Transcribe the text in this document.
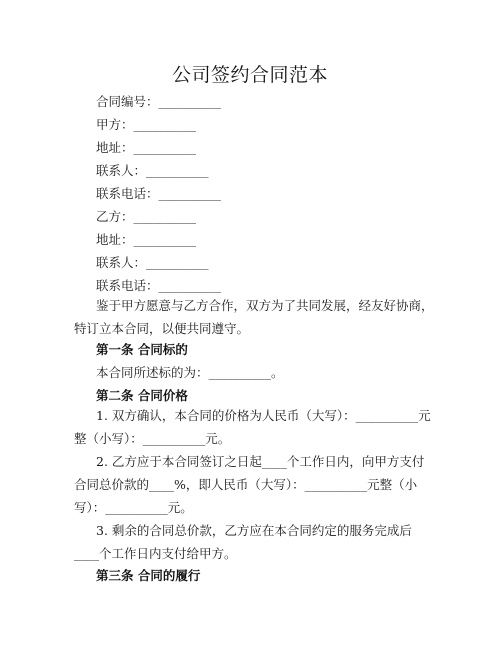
公司签约合同范本
合同编号：__________
甲方：__________
地址：__________
联系人：__________
联系电话：__________
乙方：__________
地址：__________
联系人：__________
联系电话：__________
鉴于甲方愿意与乙方合作，双方为了共同发展，经友好协商，特订立本合同，以便共同遵守。
第一条 合同标的
本合同所述标的为：__________。
第二条 合同价格
1. 双方确认，本合同的价格为人民币（大写）：__________元整（小写）：__________元。
2. 乙方应于本合同签订之日起____个工作日内，向甲方支付合同总价款的____%，即人民币（大写）：__________元整（小写）：__________元。
3. 剩余的合同总价款，乙方应在本合同约定的服务完成后____个工作日内支付给甲方。
第三条 合同的履行
